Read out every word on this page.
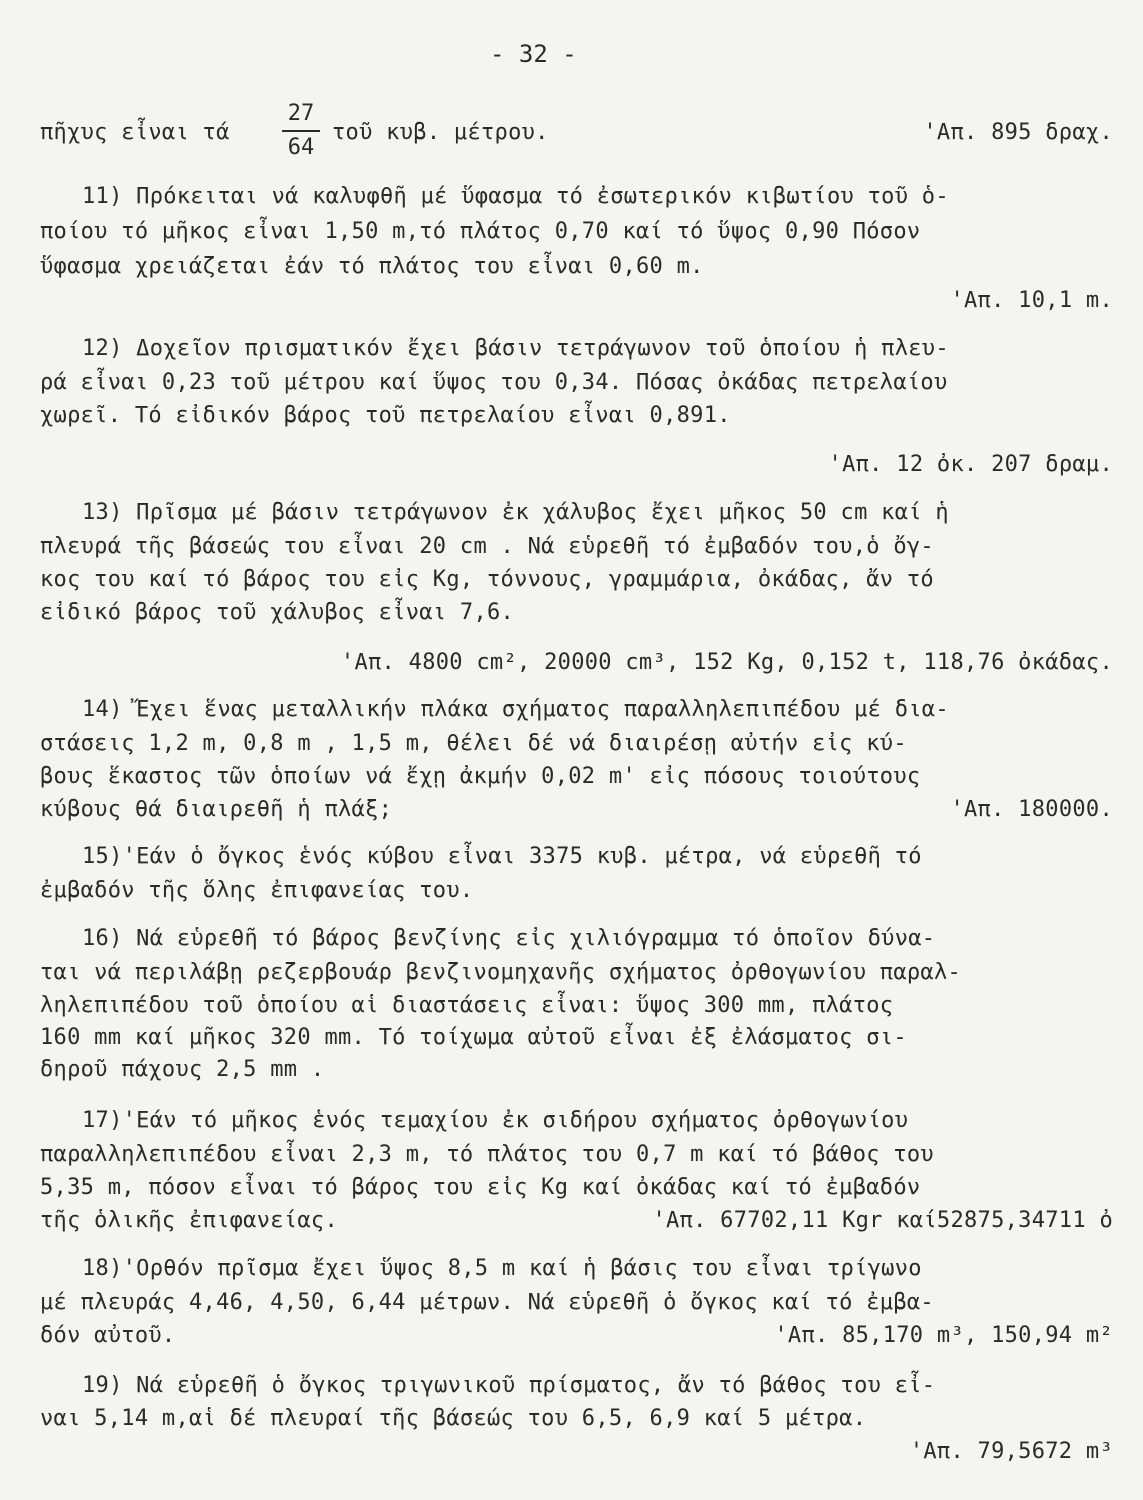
- 32 -
πῆχυς εἶναι τά
27
64
τοῦ κυβ. μέτρου.	'Απ. 895 δραχ.
11) Πρόκειται νά καλυφθῆ μέ ὕφασμα τό ἐσωτερικόν κιβωτίου τοῦ ὁ-
ποίου τό μῆκος εἶναι 1,50 m,τό πλάτος 0,70 καί τό ὕψος 0,90 Πόσον
ὕφασμα χρειάζεται ἐάν τό πλάτος του εἶναι 0,60 m.
'Απ. 10,1 m.
12) Δοχεῖον πρισματικόν ἔχει βάσιν τετράγωνον τοῦ ὁποίου ἡ πλευ-
ρά εἶναι 0,23 τοῦ μέτρου καί ὕψος του 0,34. Πόσας ὀκάδας πετρελαίου
χωρεῖ. Τό εἰδικόν βάρος τοῦ πετρελαίου εἶναι 0,891.
'Απ. 12 ὀκ. 207 δραμ.
13) Πρῖσμα μέ βάσιν τετράγωνον ἐκ χάλυβος ἔχει μῆκος 50 cm καί ἡ
πλευρά τῆς βάσεώς του εἶναι 20 cm . Νά εὑρεθῆ τό ἐμβαδόν του,ὁ ὄγ-
κος του καί τό βάρος του εἰς Kg, τόννους, γραμμάρια, ὀκάδας, ἄν τό
εἰδικό βάρος τοῦ χάλυβος εἶναι 7,6.
'Απ. 4800 cm², 20000 cm³, 152 Kg, 0,152 t, 118,76 ὀκάδας.
14) Ἔχει ἕνας μεταλλικήν πλάκα σχήματος παραλληλεπιπέδου μέ δια-
στάσεις 1,2 m, 0,8 m , 1,5 m, θέλει δέ νά διαιρέσῃ αὐτήν εἰς κύ-
βους ἕκαστος τῶν ὁποίων νά ἔχῃ ἀκμήν 0,02 m' εἰς πόσους τοιούτους
κύβους θά διαιρεθῆ ἡ πλάξ;	'Απ. 180000.
15)'Εάν ὁ ὄγκος ἑνός κύβου εἶναι 3375 κυβ. μέτρα, νά εὑρεθῆ τό
ἐμβαδόν τῆς ὅλης ἐπιφανείας του.
16) Νά εὑρεθῆ τό βάρος βενζίνης εἰς χιλιόγραμμα τό ὁποῖον δύνα-
ται νά περιλάβῃ ρεζερβουάρ βενζινομηχανῆς σχήματος ὀρθογωνίου παραλ-
ληλεπιπέδου τοῦ ὁποίου αἱ διαστάσεις εἶναι: ὕψος 300 mm, πλάτος
160 mm καί μῆκος 320 mm. Τό τοίχωμα αὐτοῦ εἶναι ἐξ ἐλάσματος σι-
δηροῦ πάχους 2,5 mm .
17)'Εάν τό μῆκος ἑνός τεμαχίου ἐκ σιδήρου σχήματος ὀρθογωνίου
παραλληλεπιπέδου εἶναι 2,3 m, τό πλάτος του 0,7 m καί τό βάθος του
5,35 m, πόσον εἶναι τό βάρος του εἰς Kg καί ὀκάδας καί τό ἐμβαδόν
τῆς ὁλικῆς ἐπιφανείας.	'Απ. 67702,11 Kgr καί52875,34711 ὀ
18)'Ορθόν πρῖσμα ἔχει ὕψος 8,5 m καί ἡ βάσις του εἶναι τρίγωνο
μέ πλευράς 4,46, 4,50, 6,44 μέτρων. Νά εὑρεθῆ ὁ ὄγκος καί τό ἐμβα-
δόν αὐτοῦ.	'Απ. 85,170 m³, 150,94 m²
19) Νά εὑρεθῆ ὁ ὄγκος τριγωνικοῦ πρίσματος, ἄν τό βάθος του εἶ-
ναι 5,14 m,αἱ δέ πλευραί τῆς βάσεώς του 6,5, 6,9 καί 5 μέτρα.
'Απ. 79,5672 m³
